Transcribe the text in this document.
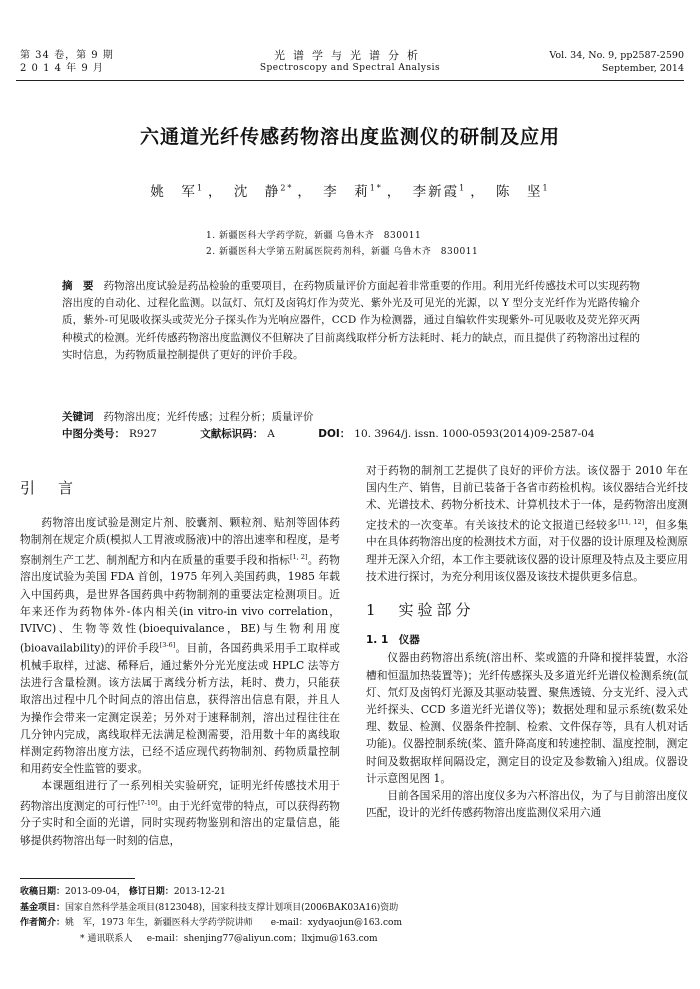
第 34 卷，第 9 期
2 0 1 4 年 9 月
光谱学与光谱分析
Spectroscopy and Spectral Analysis
Vol. 34, No. 9, pp2587-2590
September, 2014
六通道光纤传感药物溶出度监测仪的研制及应用
姚　军$^1$ ， 沈　静$^{2*}$ ， 李　莉$^{1*}$ ， 李新霞$^1$ ， 陈　坚$^1$
1. 新疆医科大学药学院，新疆 乌鲁木齐　830011
2. 新疆医科大学第五附属医院药剂科，新疆 乌鲁木齐　830011
摘　要 药物溶出度试验是药品检验的重要项目，在药物质量评价方面起着非常重要的作用。利用光纤传感技术可以实现药物溶出度的自动化、过程化监测。以氙灯、氘灯及卤钨灯作为荧光、紫外光及可见光的光源，以 Y 型分支光纤作为光路传输介质，紫外-可见吸收探头或荧光分子探头作为光响应器件，CCD 作为检测器，通过自编软件实现紫外-可见吸收及荧光猝灭两种模式的检测。光纤传感药物溶出度监测仪不但解决了目前离线取样分析方法耗时、耗力的缺点，而且提供了药物溶出过程的实时信息，为药物质量控制提供了更好的评价手段。
关键词 药物溶出度；光纤传感；过程分析；质量评价
中图分类号： R927	文献标识码： A	DOI： 10. 3964/j. issn. 1000-0593(2014)09-2587-04
引　言

药物溶出度试验是测定片剂、胶囊剂、颗粒剂、贴剂等固体药物制剂在规定介质(模拟人工胃液或肠液)中的溶出速率和程度，是考察制剂生产工艺、制剂配方和内在质量的重要手段和指标[1, 2]。药物溶出度试验为美国 FDA 首创，1975 年列入美国药典，1985 年载入中国药典，是世界各国药典中药物制剂的重要法定检测项目。近年来还作为药物体外-体内相关(in vitro-in vivo correlation，IVIVC)、生物等效性(bioequivalance，BE)与生物利用度(bioavailability)的评价手段[3-6]。目前，各国药典采用手工取样或机械手取样，过滤、稀释后，通过紫外分光光度法或 HPLC 法等方法进行含量检测。该方法属于离线分析方法，耗时、费力，只能获取溶出过程中几个时间点的溶出信息，获得溶出信息有限，并且人为操作会带来一定测定误差；另外对于速释制剂，溶出过程往往在几分钟内完成，离线取样无法满足检测需要，沿用数十年的离线取样测定药物溶出度方法，已经不适应现代药物制剂、药物质量控制和用药安全性监管的要求。

本课题组进行了一系列相关实验研究，证明光纤传感技术用于药物溶出度测定的可行性[7-10]。由于光纤宽带的特点，可以获得药物分子实时和全面的光谱，同时实现药物鉴别和溶出的定量信息，能够提供药物溶出每一时刻的信息，

对于药物的制剂工艺提供了良好的评价方法。该仪器于 2010 年在国内生产、销售，目前已装备于各省市药检机构。该仪器结合光纤技术、光谱技术、药物分析技术、计算机技术于一体，是药物溶出度测定技术的一次变革。有关该技术的论文报道已经较多[11, 12]，但多集中在具体药物溶出度的检测技术方面，对于仪器的设计原理及检测原理并无深入介绍，本工作主要就该仪器的设计原理及特点及主要应用技术进行探讨，为充分利用该仪器及该技术提供更多信息。

1　实验部分
1. 1　仪器

仪器由药物溶出系统(溶出杯、桨或篮的升降和搅拌装置，水浴槽和恒温加热装置等)；光纤传感探头及多道光纤光谱仪检测系统(氙灯、氘灯及卤钨灯光源及其驱动装置、聚焦透镜、分支光纤、浸入式光纤探头、CCD 多道光纤光谱仪等)；数据处理和显示系统(数采处理、数显、检测、仪器条件控制、检索、文件保存等，具有人机对话功能)。仪器控制系统(桨、篮升降高度和转速控制、温度控制，测定时间及数据取样间隔设定，测定目的设定及参数输入)组成。仪器设计示意图见图 1。

目前各国采用的溶出度仪多为六杯溶出仪，为了与目前溶出度仪匹配，设计的光纤传感药物溶出度监测仪采用六通

收稿日期：2013-09-04， 修订日期：2013-12-21
基金项目：国家自然科学基金项目(8123048)，国家科技支撑计划项目(2006BAK03A16)资助
作者简介：姚　军，1973 年生，新疆医科大学药学院讲师　　e-mail：xydyaojun@163.com
* 通讯联系人 e-mail：shenjing77@aliyun.com；llxjmu@163.com
